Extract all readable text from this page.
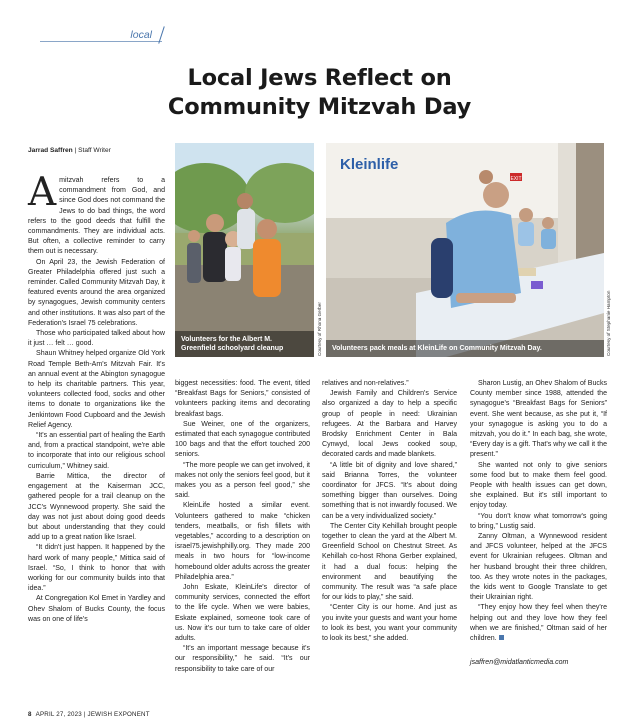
local
Local Jews Reflect on
Community Mitzvah Day
Jarrad Saffren | Staff Writer

Amitzvah refers to a commandment from God, and since God does not command the Jews to do bad things, the word refers to the good deeds that fulfill the commandments. They are individual acts. But often, a collective reminder to carry them out is necessary.

On April 23, the Jewish Federation of Greater Philadelphia offered just such a reminder. Called Community Mitzvah Day, it featured events around the area organized by synagogues, Jewish community centers and other institutions. It was also part of the Federation's Israel 75 celebrations.

Those who participated talked about how it just … felt … good.

Shaun Whitney helped organize Old York Road Temple Beth-Am's Mitzvah Fair. It's an annual event at the Abington synagogue to help its charitable partners. This year, volunteers collected food, socks and other items to donate to organizations like the Jenkintown Food Cupboard and the Jewish Relief Agency.

“It's an essential part of healing the Earth and, from a practical standpoint, we're able to incorporate that into our religious school curriculum,” Whitney said.

Barrie Mittica, the director of engagement at the Kaiserman JCC, gathered people for a trail cleanup on the JCC's Wynnewood property. She said the day was not just about doing good deeds but about understanding that they could add up to a great nation like Israel.

“It didn't just happen. It happened by the hard work of many people,” Mittica said of Israel. “So, I think to honor that with working for our community builds into that idea.”

At Congregation Kol Emet in Yardley and Ohev Shalom of Bucks County, the focus was on one of life's

Volunteers for the Albert M. Greenfield schoolyard cleanup	Courtesy of Rhona Gerber
EXIT
Kleinlife
Volunteers pack meals at KleinLife on Community Mitzvah Day.	Courtesy of Stephanie Hampton

biggest necessities: food. The event, titled “Breakfast Bags for Seniors,” consisted of volunteers packing items and decorating breakfast bags.

Sue Weiner, one of the organizers, estimated that each synagogue contributed 100 bags and that the effort touched 200 seniors.

“The more people we can get involved, it makes not only the seniors feel good, but it makes you as a person feel good,” she said.

KleinLife hosted a similar event. Volunteers gathered to make “chicken tenders, meatballs, or fish fillets with vegetables,” according to a description on israel75.jewishphilly.org. They made 200 meals in two hours for “low-income homebound older adults across the greater Philadelphia area.”

John Eskate, KleinLife's director of community services, connected the effort to the life cycle. When we were babies, Eskate explained, someone took care of us. Now it's our turn to take care of older adults.

“It's an important message because it's our responsibility,” he said. “It's our responsibility to take care of our

relatives and non-relatives.”

Jewish Family and Children's Service also organized a day to help a specific group of people in need: Ukrainian refugees. At the Barbara and Harvey Brodsky Enrichment Center in Bala Cynwyd, local Jews cooked soup, decorated cards and made blankets.

“A little bit of dignity and love shared,” said Brianna Torres, the volunteer coordinator for JFCS. “It's about doing something bigger than ourselves. Doing something that is not inwardly focused. We can be a very individualized society.”

The Center City Kehillah brought people together to clean the yard at the Albert M. Greenfield School on Chestnut Street. As Kehillah co-host Rhona Gerber explained, it had a dual focus: helping the environment and beautifying the community. The result was “a safe place for our kids to play,” she said.

“Center City is our home. And just as you invite your guests and want your home to look its best, you want your community to look its best,” she added.

Sharon Lustig, an Ohev Shalom of Bucks County member since 1988, attended the synagogue's “Breakfast Bags for Seniors” event. She went because, as she put it, “If your synagogue is asking you to do a mitzvah, you do it.” In each bag, she wrote, “Every day is a gift. That's why we call it the present.”

She wanted not only to give seniors some food but to make them feel good. People with health issues can get down, she explained. But it's still important to enjoy today.

“You don't know what tomorrow's going to bring,” Lustig said.

Zanny Oltman, a Wynnewood resident and JFCS volunteer, helped at the JFCS event for Ukrainian refugees. Oltman and her husband brought their three children, too. As they wrote notes in the packages, the kids went to Google Translate to get their Ukrainian right.

“They enjoy how they feel when they're helping out and they love how they feel when we are finished,” Oltman said of her children.

jsaffren@midatlanticmedia.com

8 APRIL 27, 2023 | JEWISH EXPONENT
